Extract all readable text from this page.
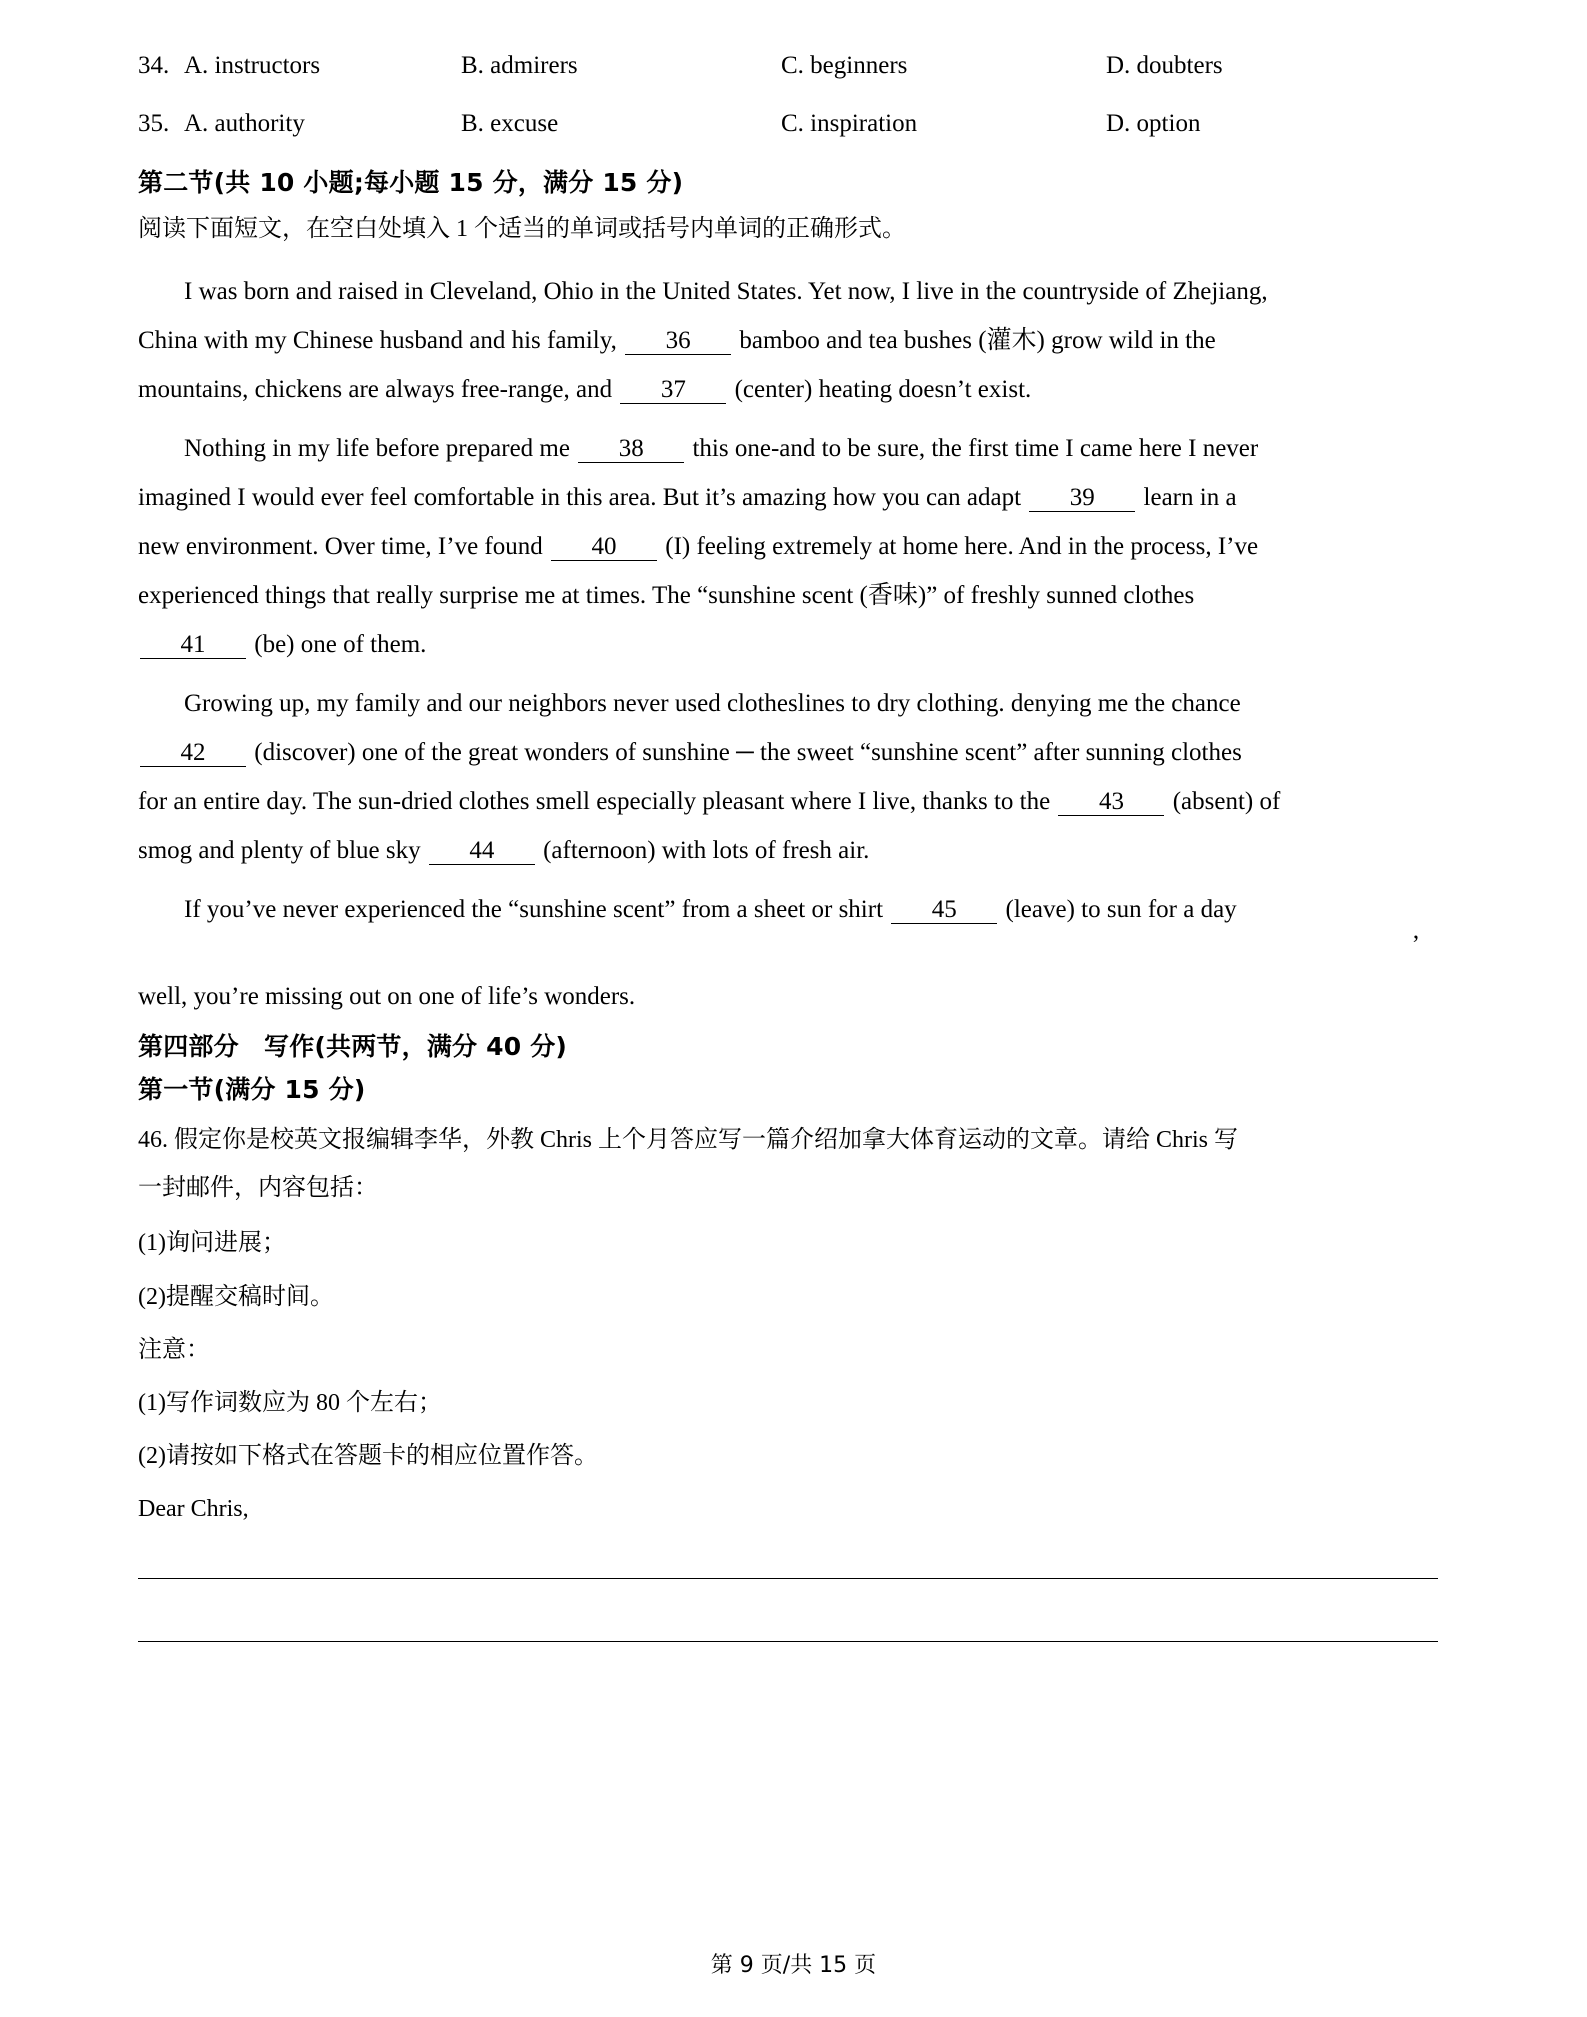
34. A. instructors	B. admirers	C. beginners	D. doubters
35. A. authority	B. excuse	C. inspiration	D. option
第二节(共 10 小题;每小题 15 分，满分 15 分)
阅读下面短文，在空白处填入 1 个适当的单词或括号内单词的正确形式。

I was born and raised in Cleveland, Ohio in the United States. Yet now, I live in the countryside of Zhejiang,

China with my Chinese husband and his family, 36 bamboo and tea bushes (灌木) grow wild in the

mountains, chickens are always free-range, and 37 (center) heating doesn’t exist.

Nothing in my life before prepared me 38 this one-and to be sure, the first time I came here I never

imagined I would ever feel comfortable in this area. But it’s amazing how you can adapt 39 learn in a

new environment. Over time, I’ve found 40 (I) feeling extremely at home here. And in the process, I’ve

experienced things that really surprise me at times. The “sunshine scent (香味)” of freshly sunned clothes

41 (be) one of them.

Growing up, my family and our neighbors never used clotheslines to dry clothing. denying me the chance

42 (discover) one of the great wonders of sunshine ─ the sweet “sunshine scent” after sunning clothes

for an entire day. The sun-dried clothes smell especially pleasant where I live, thanks to the 43 (absent) of

smog and plenty of blue sky 44 (afternoon) with lots of fresh air.

If you’ve never experienced the “sunshine scent” from a sheet or shirt 45 (leave) to sun for a day

’

well, you’re missing out on one of life’s wonders.

第四部分　写作(共两节，满分 40 分)
第一节(满分 15 分)

46. 假定你是校英文报编辑李华，外教 Chris 上个月答应写一篇介绍加拿大体育运动的文章。请给 Chris 写

一封邮件，内容包括：

(1)询问进展；

(2)提醒交稿时间。

注意：

(1)写作词数应为 80 个左右；

(2)请按如下格式在答题卡的相应位置作答。

Dear Chris,

第 9 页/共 15 页
